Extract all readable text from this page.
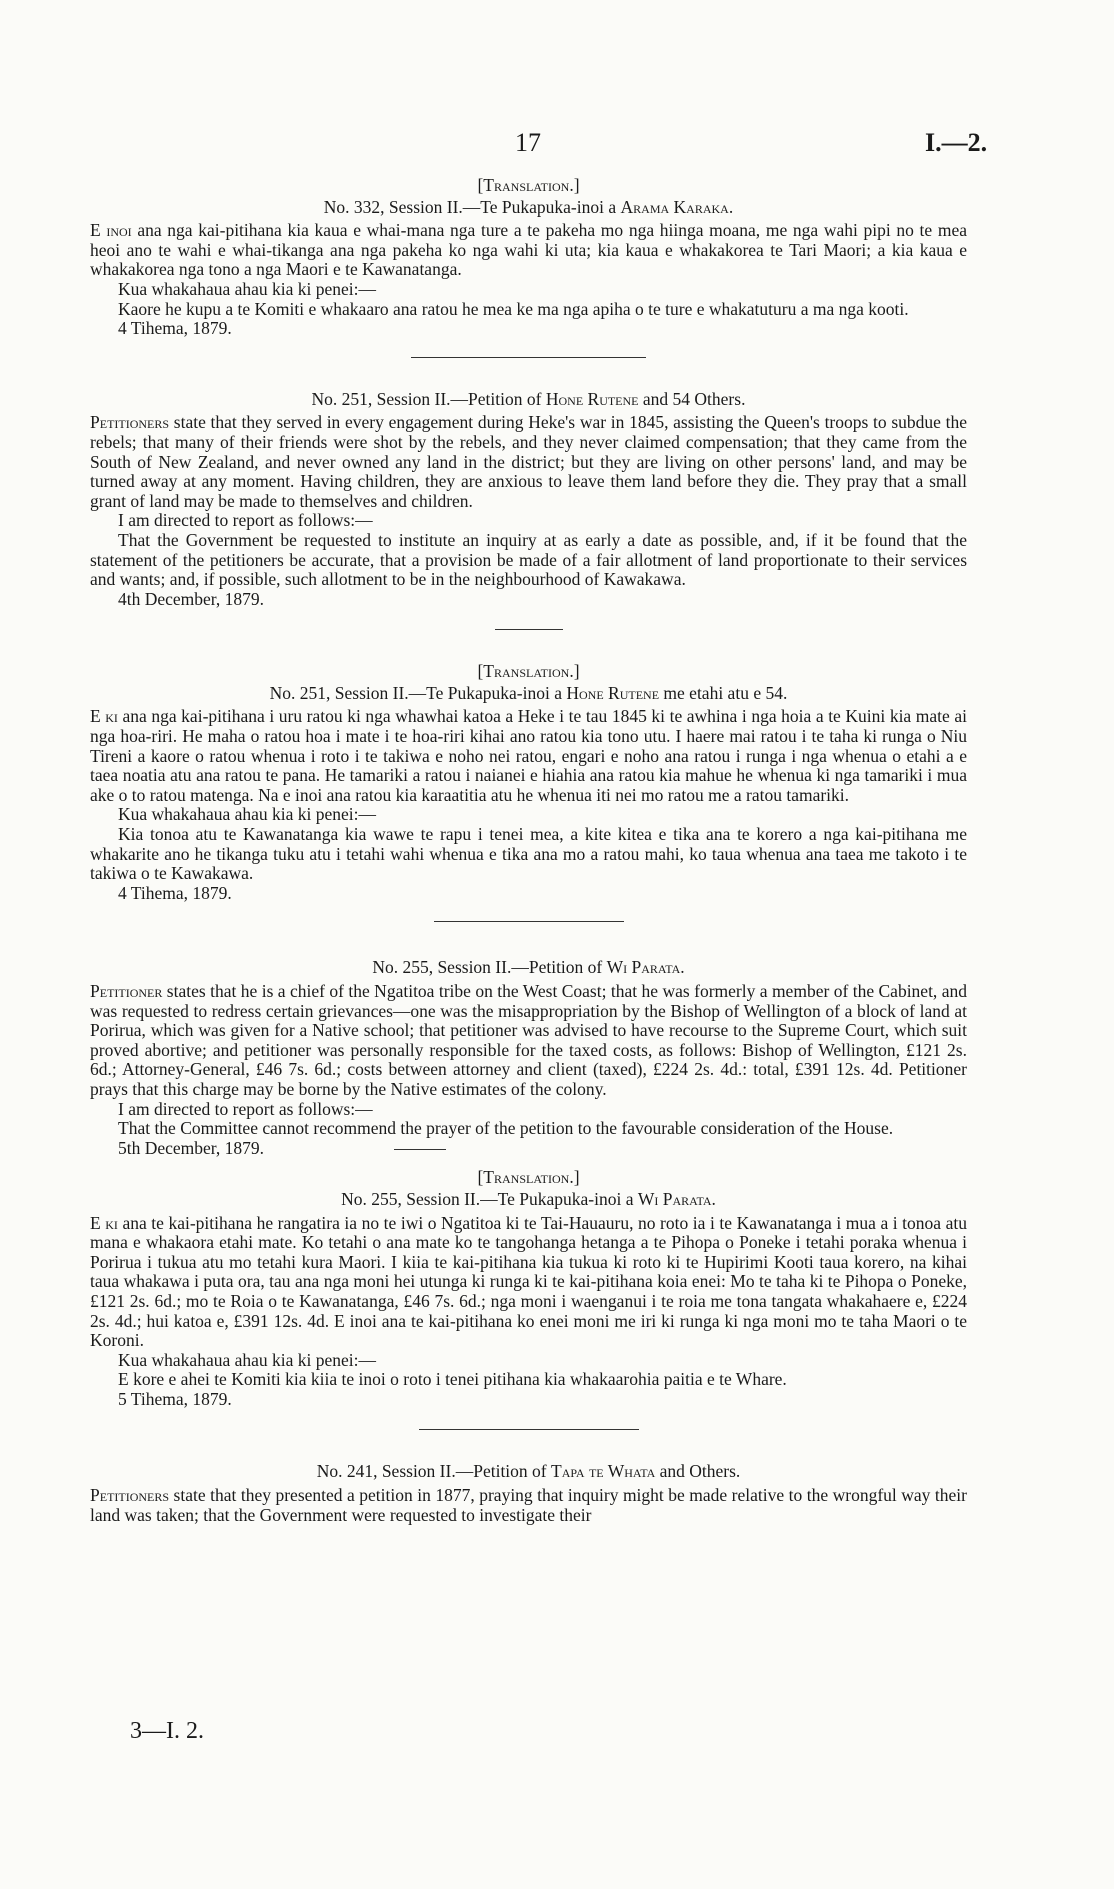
17	I.—2.
[Translation.]
No. 332, Session II.—Te Pukapuka-inoi a Arama Karaka.

E inoi ana nga kai-pitihana kia kaua e whai-mana nga ture a te pakeha mo nga hiinga moana, me nga wahi pipi no te mea heoi ano te wahi e whai-tikanga ana nga pakeha ko nga wahi ki uta; kia kaua e whakakorea te Tari Maori; a kia kaua e whakakorea nga tono a nga Maori e te Kawanatanga.

Kua whakahaua ahau kia ki penei:—

Kaore he kupu a te Komiti e whakaaro ana ratou he mea ke ma nga apiha o te ture e whakatuturu a ma nga kooti.

4 Tihema, 1879.
No. 251, Session II.—Petition of Hone Rutene and 54 Others.

Petitioners state that they served in every engagement during Heke's war in 1845, assisting the Queen's troops to subdue the rebels; that many of their friends were shot by the rebels, and they never claimed compensation; that they came from the South of New Zealand, and never owned any land in the district; but they are living on other persons' land, and may be turned away at any moment. Having children, they are anxious to leave them land before they die. They pray that a small grant of land may be made to themselves and children.

I am directed to report as follows:—

That the Government be requested to institute an inquiry at as early a date as possible, and, if it be found that the statement of the petitioners be accurate, that a provision be made of a fair allotment of land proportionate to their services and wants; and, if possible, such allotment to be in the neighbourhood of Kawakawa.

4th December, 1879.
[Translation.]
No. 251, Session II.—Te Pukapuka-inoi a Hone Rutene me etahi atu e 54.

E ki ana nga kai-pitihana i uru ratou ki nga whawhai katoa a Heke i te tau 1845 ki te awhina i nga hoia a te Kuini kia mate ai nga hoa-riri. He maha o ratou hoa i mate i te hoa-riri kihai ano ratou kia tono utu. I haere mai ratou i te taha ki runga o Niu Tireni a kaore o ratou whenua i roto i te takiwa e noho nei ratou, engari e noho ana ratou i runga i nga whenua o etahi a e taea noatia atu ana ratou te pana. He tamariki a ratou i naianei e hiahia ana ratou kia mahue he whenua ki nga tamariki i mua ake o to ratou matenga. Na e inoi ana ratou kia karaatitia atu he whenua iti nei mo ratou me a ratou tamariki.

Kua whakahaua ahau kia ki penei:—

Kia tonoa atu te Kawanatanga kia wawe te rapu i tenei mea, a kite kitea e tika ana te korero a nga kai-pitihana me whakarite ano he tikanga tuku atu i tetahi wahi whenua e tika ana mo a ratou mahi, ko taua whenua ana taea me takoto i te takiwa o te Kawakawa.

4 Tihema, 1879.
No. 255, Session II.—Petition of Wi Parata.

Petitioner states that he is a chief of the Ngatitoa tribe on the West Coast; that he was formerly a member of the Cabinet, and was requested to redress certain grievances—one was the misappropriation by the Bishop of Wellington of a block of land at Porirua, which was given for a Native school; that petitioner was advised to have recourse to the Supreme Court, which suit proved abortive; and petitioner was personally responsible for the taxed costs, as follows: Bishop of Wellington, £121 2s. 6d.; Attorney-General, £46 7s. 6d.; costs between attorney and client (taxed), £224 2s. 4d.: total, £391 12s. 4d. Petitioner prays that this charge may be borne by the Native estimates of the colony.

I am directed to report as follows:—

That the Committee cannot recommend the prayer of the petition to the favourable consideration of the House.

5th December, 1879.
[Translation.]
No. 255, Session II.—Te Pukapuka-inoi a Wi Parata.

E ki ana te kai-pitihana he rangatira ia no te iwi o Ngatitoa ki te Tai-Hauauru, no roto ia i te Kawanatanga i mua a i tonoa atu mana e whakaora etahi mate. Ko tetahi o ana mate ko te tangohanga hetanga a te Pihopa o Poneke i tetahi poraka whenua i Porirua i tukua atu mo tetahi kura Maori. I kiia te kai-pitihana kia tukua ki roto ki te Hupirimi Kooti taua korero, na kihai taua whakawa i puta ora, tau ana nga moni hei utunga ki runga ki te kai-pitihana koia enei: Mo te taha ki te Pihopa o Poneke, £121 2s. 6d.; mo te Roia o te Kawanatanga, £46 7s. 6d.; nga moni i waenganui i te roia me tona tangata whakahaere e, £224 2s. 4d.; hui katoa e, £391 12s. 4d. E inoi ana te kai-pitihana ko enei moni me iri ki runga ki nga moni mo te taha Maori o te Koroni.

Kua whakahaua ahau kia ki penei:—

E kore e ahei te Komiti kia kiia te inoi o roto i tenei pitihana kia whakaarohia paitia e te Whare.

5 Tihema, 1879.
No. 241, Session II.—Petition of Tapa te Whata and Others.

Petitioners state that they presented a petition in 1877, praying that inquiry might be made relative to the wrongful way their land was taken; that the Government were requested to investigate their

3—I. 2.
